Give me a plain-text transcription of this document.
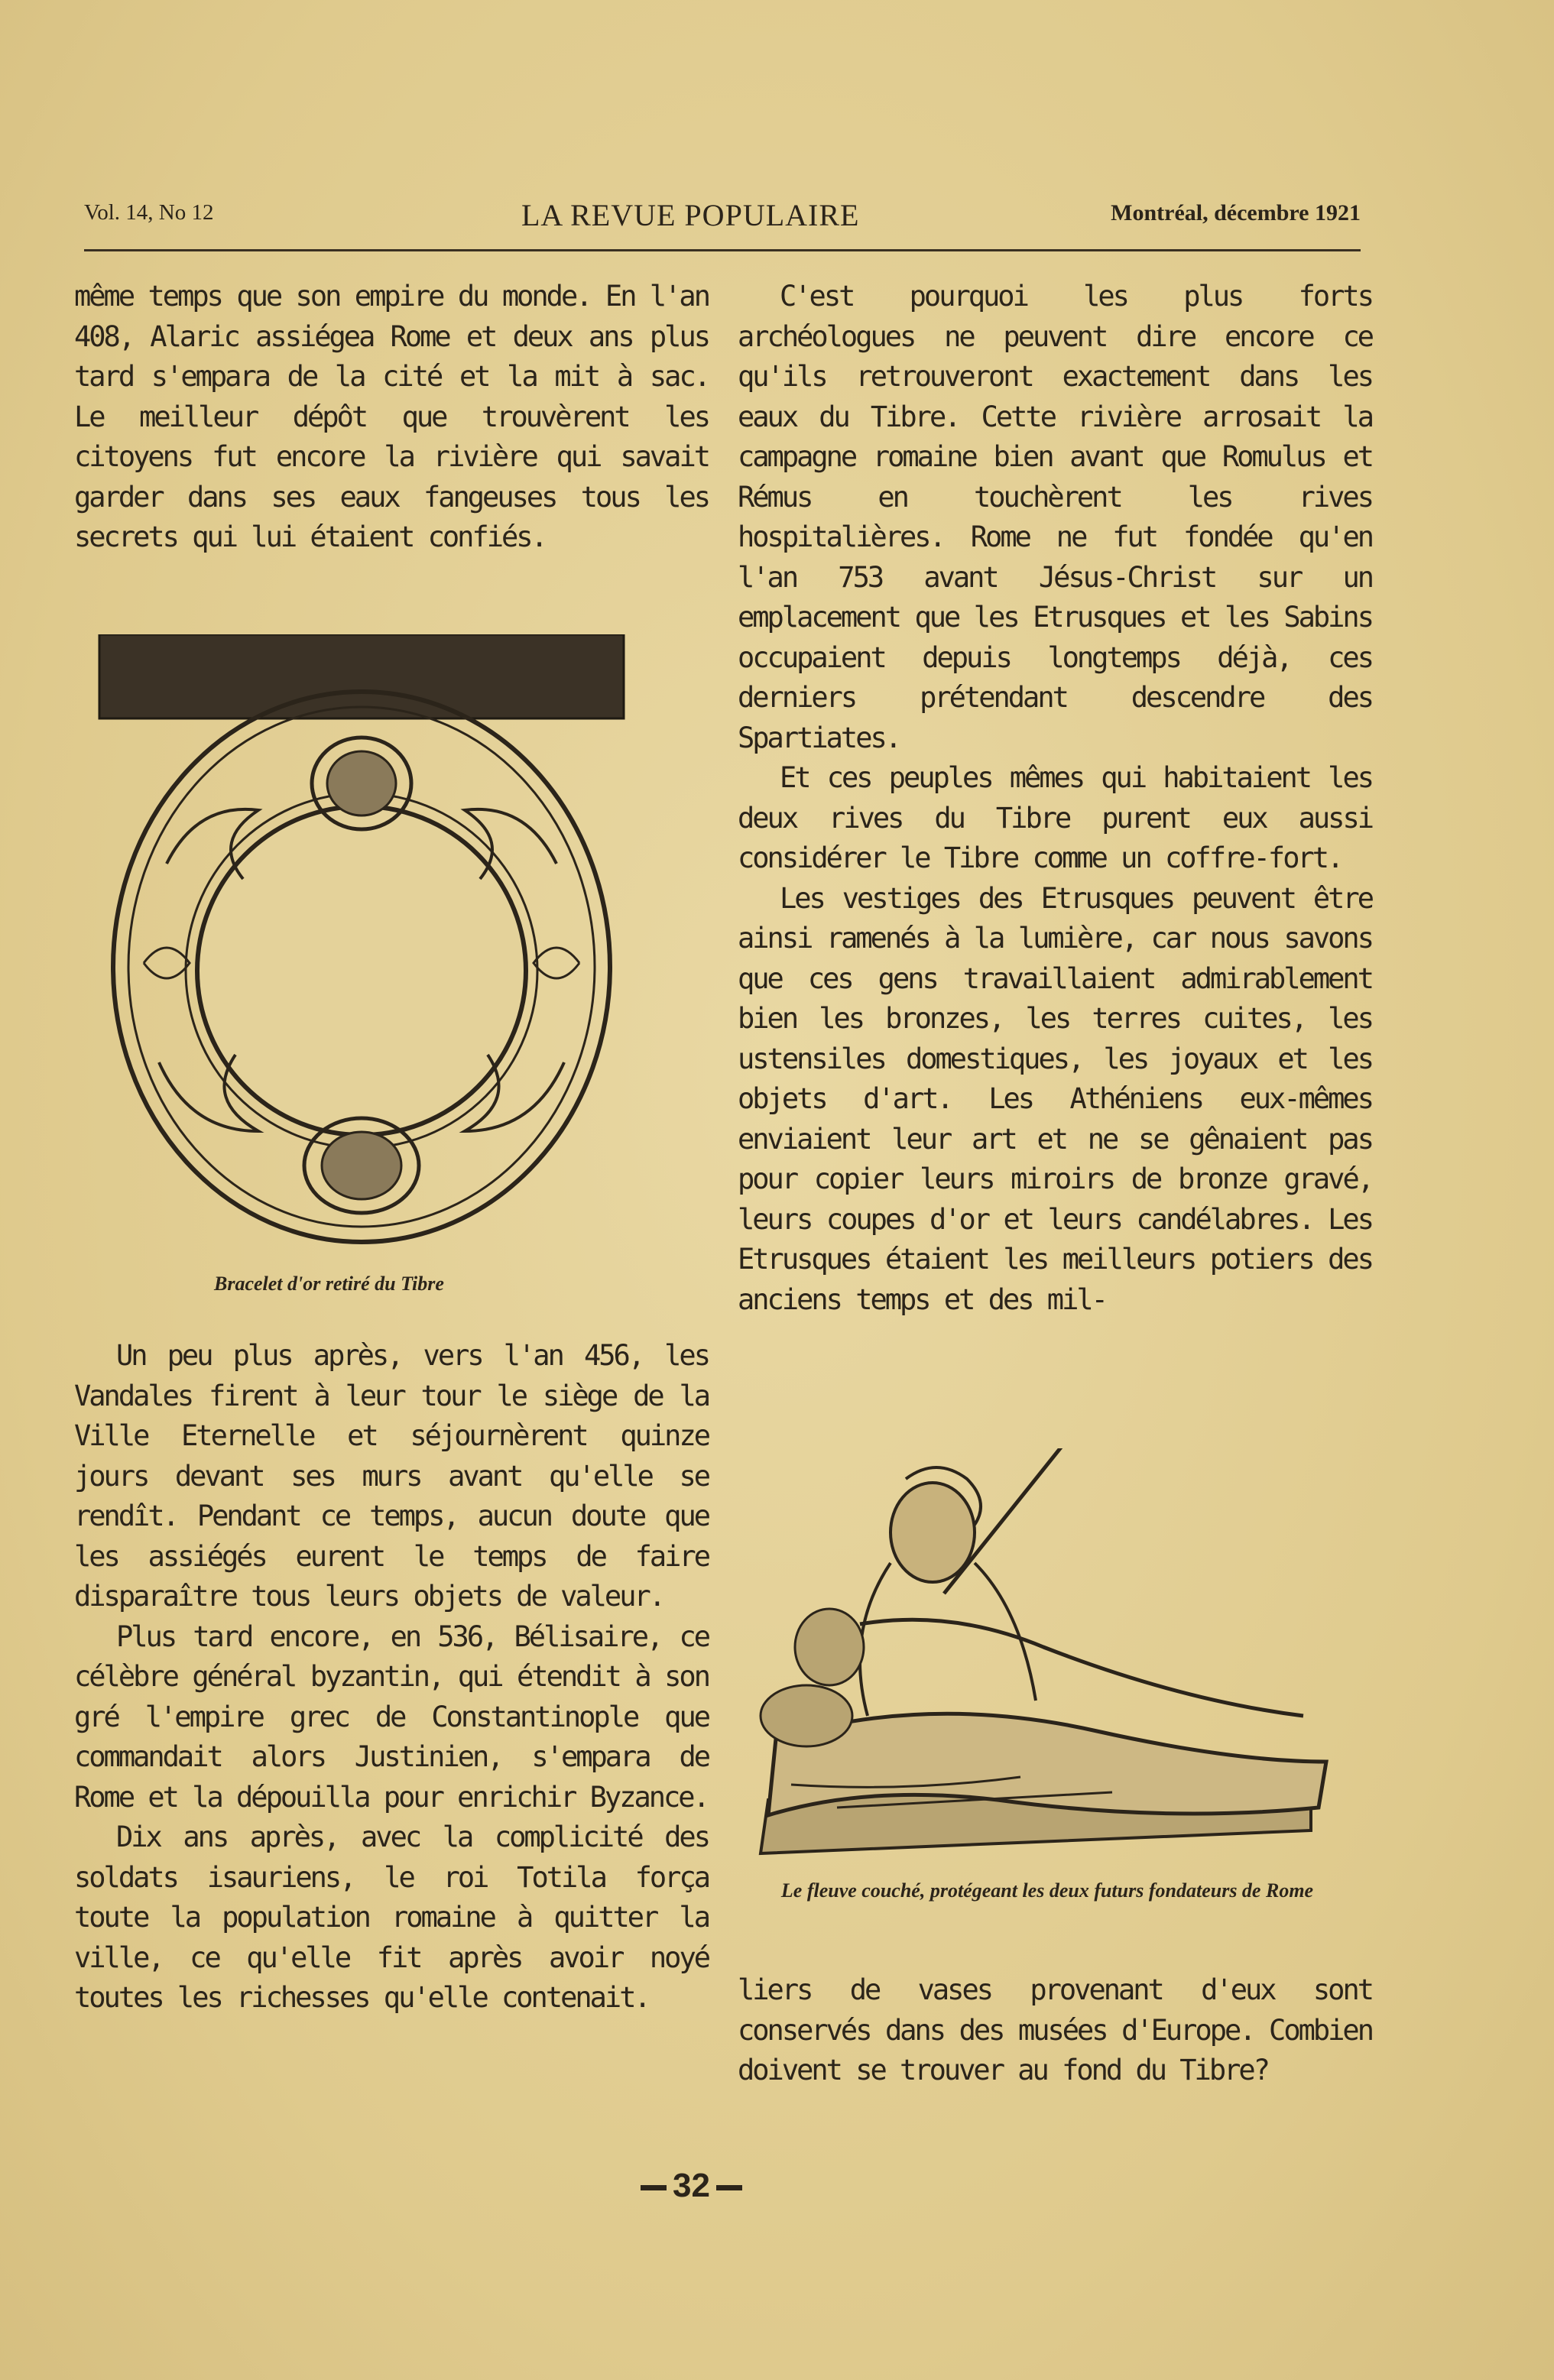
Vol. 14, No 12	LA REVUE POPULAIRE	Montréal, décembre 1921

même temps que son empire du monde. En l'an 408, Alaric assiégea Rome et deux ans plus tard s'empara de la cité et la mit à sac. Le meilleur dépôt que trouvèrent les citoyens fut encore la rivière qui savait garder dans ses eaux fangeuses tous les secrets qui lui étaient confiés.

Bracelet d'or retiré du Tibre

Un peu plus après, vers l'an 456, les Vandales firent à leur tour le siège de la Ville Eternelle et séjournèrent quinze jours devant ses murs avant qu'elle se rendît. Pendant ce temps, aucun doute que les assiégés eurent le temps de faire disparaître tous leurs objets de valeur.

Plus tard encore, en 536, Bélisaire, ce célèbre général byzantin, qui étendit à son gré l'empire grec de Constantinople que commandait alors Justinien, s'empara de Rome et la dépouilla pour enrichir Byzance.

Dix ans après, avec la complicité des soldats isauriens, le roi Totila força toute la population romaine à quitter la ville, ce qu'elle fit après avoir noyé toutes les richesses qu'elle contenait.

C'est pourquoi les plus forts archéologues ne peuvent dire encore ce qu'ils retrouveront exactement dans les eaux du Tibre. Cette rivière arrosait la campagne romaine bien avant que Romulus et Rémus en touchèrent les rives hospitalières. Rome ne fut fondée qu'en l'an 753 avant Jésus-Christ sur un emplacement que les Etrusques et les Sabins occupaient depuis longtemps déjà, ces derniers prétendant descendre des Spartiates.

Et ces peuples mêmes qui habitaient les deux rives du Tibre purent eux aussi considérer le Tibre comme un coffre-fort.

Les vestiges des Etrusques peuvent être ainsi ramenés à la lumière, car nous savons que ces gens travaillaient admirablement bien les bronzes, les terres cuites, les ustensiles domestiques, les joyaux et les objets d'art. Les Athéniens eux-mêmes enviaient leur art et ne se gênaient pas pour copier leurs miroirs de bronze gravé, leurs coupes d'or et leurs candélabres. Les Etrusques étaient les meilleurs potiers des anciens temps et des mil-

Le fleuve couché, protégeant les deux futurs fondateurs de Rome

liers de vases provenant d'eux sont conservés dans des musées d'Europe. Combien doivent se trouver au fond du Tibre?

32
